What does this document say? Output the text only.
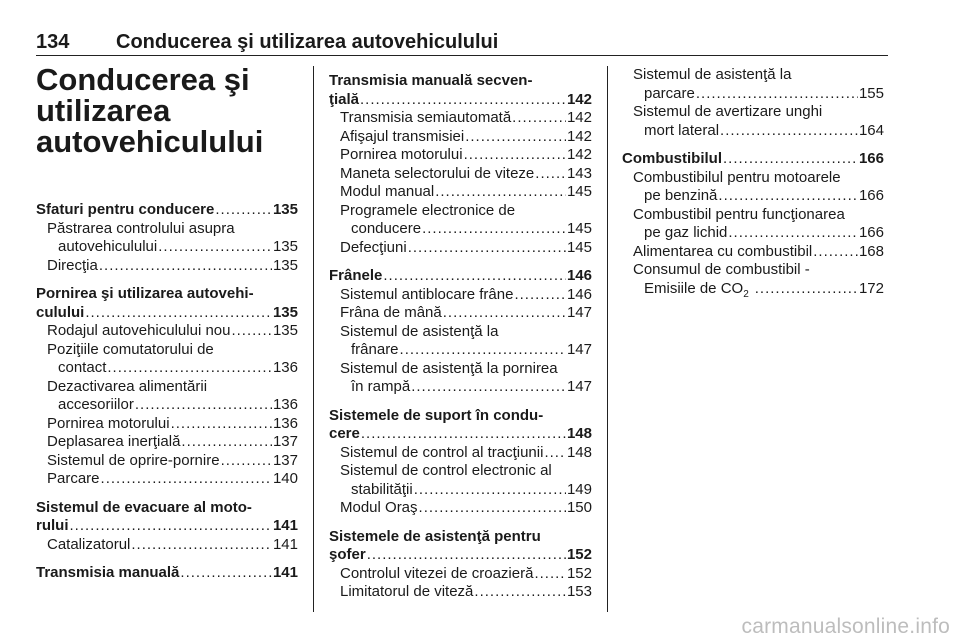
134 Conducerea şi utilizarea autovehiculului
Conducerea şi
utilizarea
autovehiculului
Sfaturi pentru conducere .....	135
Păstrarea controlului asupra
autovehiculului .....	135
Direcţia .....	135
Pornirea şi utilizarea autovehi-
culului .....	135
Rodajul autovehiculului nou .....	135
Poziţiile comutatorului de
contact .....	136
Dezactivarea alimentării
accesoriilor .....	136
Pornirea motorului .....	136
Deplasarea inerţială .....	137
Sistemul de oprire-pornire .....	137
Parcare .....	140
Sistemul de evacuare al moto-
rului .....	141
Catalizatorul .....	141
Transmisia manuală .....	141
Transmisia manuală secven-
ţială .....	142
Transmisia semiautomată .....	142
Afişajul transmisiei .....	142
Pornirea motorului .....	142
Maneta selectorului de viteze ..... 143
Modul manual .....	145
Programele electronice de
conducere .....	145
Defecţiuni .....	145
Frânele .....	146
Sistemul antiblocare frâne .....	146
Frâna de mână .....	147
Sistemul de asistenţă la
frânare .....	147
Sistemul de asistenţă la pornirea
în rampă .....	147
Sistemele de suport în condu-
cere .....	148
Sistemul de control al tracţiunii ..... 148
Sistemul de control electronic al
stabilităţii .....	149
Modul Oraş .....	150
Sistemele de asistenţă pentru
şofer .....	152
Controlul vitezei de croazieră ..... 152
Limitatorul de viteză .....	153
Sistemul de asistenţă la
parcare .....	155
Sistemul de avertizare unghi
mort lateral .....	164
Combustibilul .....	166
Combustibilul pentru motoarele
pe benzină .....	166
Combustibil pentru funcţionarea
pe gaz lichid .....	166
Alimentarea cu combustibil .....	168
Consumul de combustibil -
Emisiile de $CO_2$ .....	172
carmanualsonline.info
